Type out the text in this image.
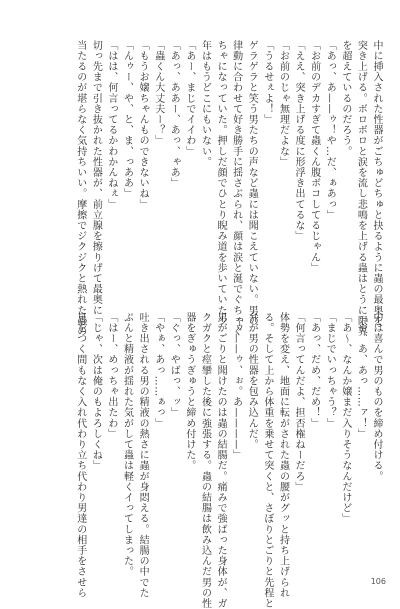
中に挿入された性器がごちゅどちゅと抉るように蟲の最奥を
突き上げる。ボロボロと涙を流し悲鳴を上げる蟲はとうに限界
を超えているのだろう。
「あっ、あ——ゥ！や…だ、ぁあっ」
「お前のデカすぎて蟲くん腹ボコしてるじゃん」
「ええ、突き上げる度に形浮き出てるな」
「お前のじゃ無理だよな」
「うるせぇよ！」
ゲラゲラと笑う男たちの声など蟲には聞こえていない。男の
律動に合わせて好き勝手に揺さぶられ、顔は涙と涎でぐちゃぐ
ちゃになっていた。押しだ顔でひとり睨み道を歩いていた少
年はもうどこにもいない。
「あー、まじでイイわ」
「あっ、ああー、あっ、ゃあ」
「蟲くん大丈夫ー？」
「もうお嬢ちゃんものできないね」
「んゥー、や、と、ま、っああ」
「はは、何言ってるかわかんねぇ」
切っ先まで引き抜かれた性器が、前立腺を擦りげて最奥に
当たるのが堪らなく気持ちいい。摩擦でジクジクと熱れた蟲の
中は喜んで男のものを締め付ける。
「や、あ、あっ……ァ！」
「あ〜、なんか嬢まだ入りそうなんだけど」
「まじでいっちゃう？」
「あっ、だめ、だめ！」
「何言ってんだよ、担否権ねーだろ」
体勢を変え、地面に転がされた蟲の腰がグッと持ち上げられ
る。そして上から体重を乗せて突くと、さぼりとごりと先程と
弁が男の性器を包み込んだ。
「ゥ——ゥ、ぉ。あ————」
男がごりと聞けたのは蟲の結腸だ。痛みで強ばった身体が、ガ
クガクと痙攣した後に強張する。蟲の結腸は飲み込んだ男の性
器をぎゅうぎゅうと締め付けた。
「ぐっ、やばっ、ッ」
「やぁ、あっ……ぁっ」
吐き出される男の精液の熱さに蟲が身悶える。結腸の中でた
ぷんと精液が揺れた気がして蟲は軽くイってしまった。
「はー、めっちゃ出たわ」
「じゃ、次は俺のもよろしくね」
息をつく間もなく入れ代わり立ち代わり男達の相手をさせら	106
